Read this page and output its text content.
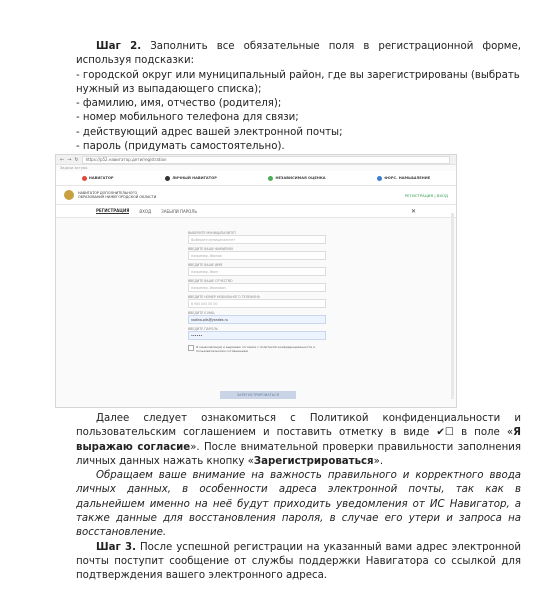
Шаг 2. Заполнить все обязательные поля в регистрационной форме, используя подсказки:

- городской округ или муниципальный район, где вы зарегистрированы (выбрать нужный из выпадающего списка);
- фамилию, имя, отчество (родителя);
- номер мобильного телефона для связи;
- действующий адрес вашей электронной почты;
- пароль (придумать самостоятельно).
← → ↻	https://p52.навигатор.дети/registration
Задачи актуал.
НАВИГАТОР	ЛИЧНЫЙ НАВИГАТОР	НЕЗАВИСИМАЯ ОЦЕНКА	ФОРС. НАМЫШЛЕНИЕ
НАВИГАТОР ДОПОЛНИТЕЛЬНОГО ОБРАЗОВАНИЯ НИЖЕГОРОДСКОЙ ОБЛАСТИ	РЕГИСТРАЦИЯ | ВХОД
РЕГИСТРАЦИЯ	ВХОД	ЗАБЫЛИ ПАРОЛЬ	✕
ВЫБЕРИТЕ МУНИЦИПАЛИТЕТ
Выберите муниципалитет
ВВЕДИТЕ ВАШУ ФАМИЛИЮ
например, Иванов
ВВЕДИТЕ ВАШЕ ИМЯ
например, Иван
ВВЕДИТЕ ВАШЕ ОТЧЕСТВО
например, Иванович
ВВЕДИТЕ НОМЕР МОБИЛЬНОГО ТЕЛЕФОНА
8 900 000 00 00
ВВЕДИТЕ E-MAIL
nadina.pits@yandex.ru
ВВЕДИТЕ ПАРОЛЬ
••••••
Я ознакомлен(а) и выражаю согласие с политикой конфиденциальности и пользовательским соглашением
ЗАРЕГИСТРИРОВАТЬСЯ

Далее следует ознакомиться с Политикой конфиденциальности и пользовательским соглашением и поставить отметку в виде ✔☐ в поле «Я выражаю согласие». После внимательной проверки правильности заполнения личных данных нажать кнопку «Зарегистрироваться».

Обращаем ваше внимание на важность правильного и корректного ввода личных данных, в особенности адреса электронной почты, так как в дальнейшем именно на неё будут приходить уведомления от ИС Навигатор, а также данные для восстановления пароля, в случае его утери и запроса на восстановление.

Шаг 3. После успешной регистрации на указанный вами адрес электронной почты поступит сообщение от службы поддержки Навигатора со ссылкой для подтверждения вашего электронного адреса.
